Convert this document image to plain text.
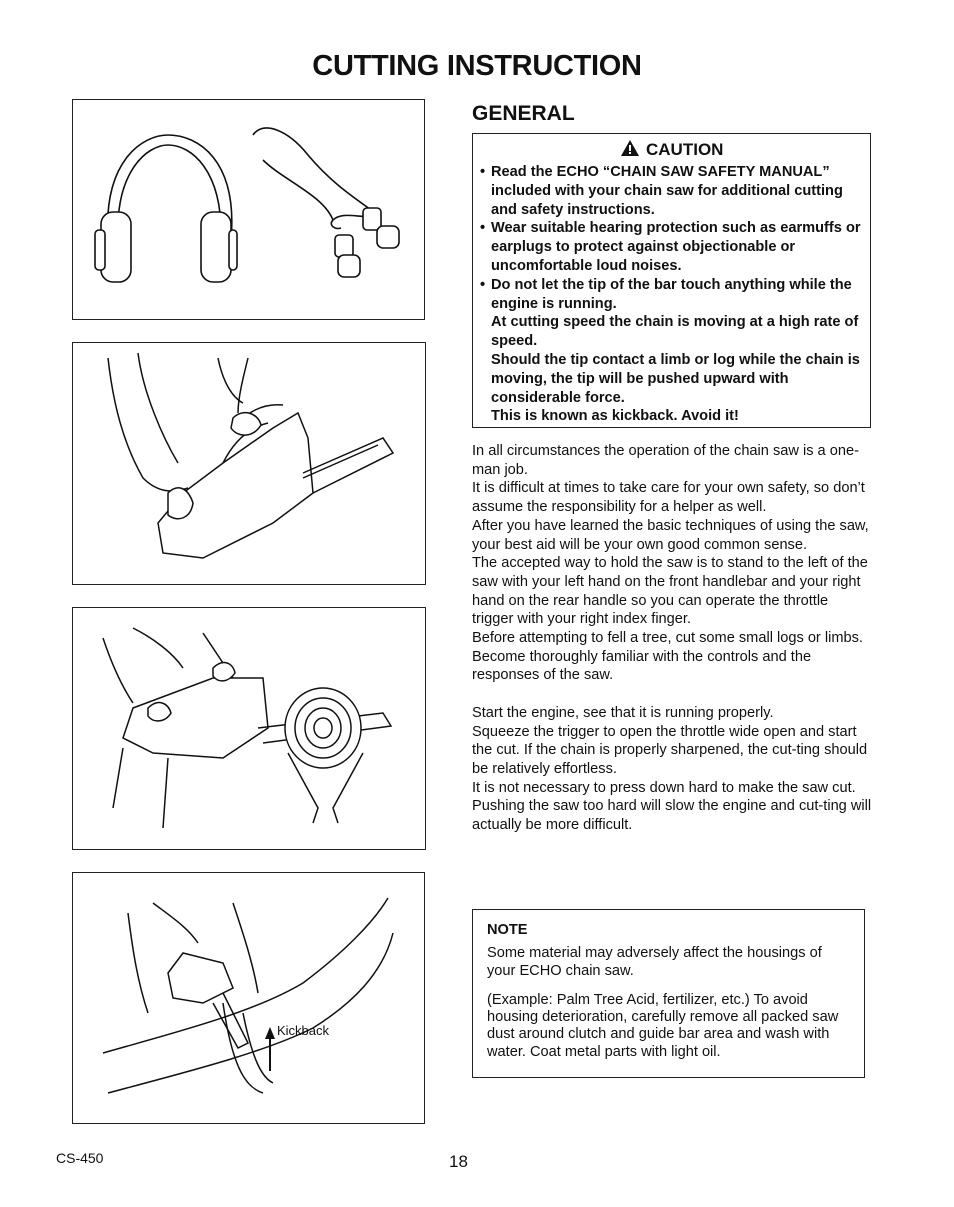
CUTTING INSTRUCTION
Kickback
GENERAL
CAUTION
• Read the ECHO “CHAIN SAW SAFETY MANUAL” included with your chain saw for additional cutting and safety instructions.
• Wear suitable hearing protection such as earmuffs or earplugs to protect against objectionable or uncomfortable loud noises.
• Do not let the tip of the bar touch anything while the engine is running.
At cutting speed the chain is moving at a high rate of speed.
Should the tip contact a limb or log while the chain is moving, the tip will be pushed upward with considerable force.
This is known as kickback. Avoid it!

In all circumstances the operation of the chain saw is a one-man job.

It is difficult at times to take care for your own safety, so don’t assume the responsibility for a helper as well.

After you have learned the basic techniques of using the saw, your best aid will be your own good common sense.

The accepted way to hold the saw is to stand to the left of the saw with your left hand on the front handlebar and your right hand on the rear handle so you can operate the throttle trigger with your right index finger.

Before attempting to fell a tree, cut some small logs or limbs.

Become thoroughly familiar with the controls and the responses of the saw.

Start the engine, see that it is running properly.

Squeeze the trigger to open the throttle wide open and start the cut. If the chain is properly sharpened, the cut-ting should be relatively effortless.

It is not necessary to press down hard to make the saw cut.

Pushing the saw too hard will slow the engine and cut-ting will actually be more difficult.

NOTE

Some material may adversely affect the housings of your ECHO chain saw.

(Example: Palm Tree Acid, fertilizer, etc.) To avoid housing deterioration, carefully remove all packed saw dust around clutch and guide bar area and wash with water. Coat metal parts with light oil.

CS-450	18
